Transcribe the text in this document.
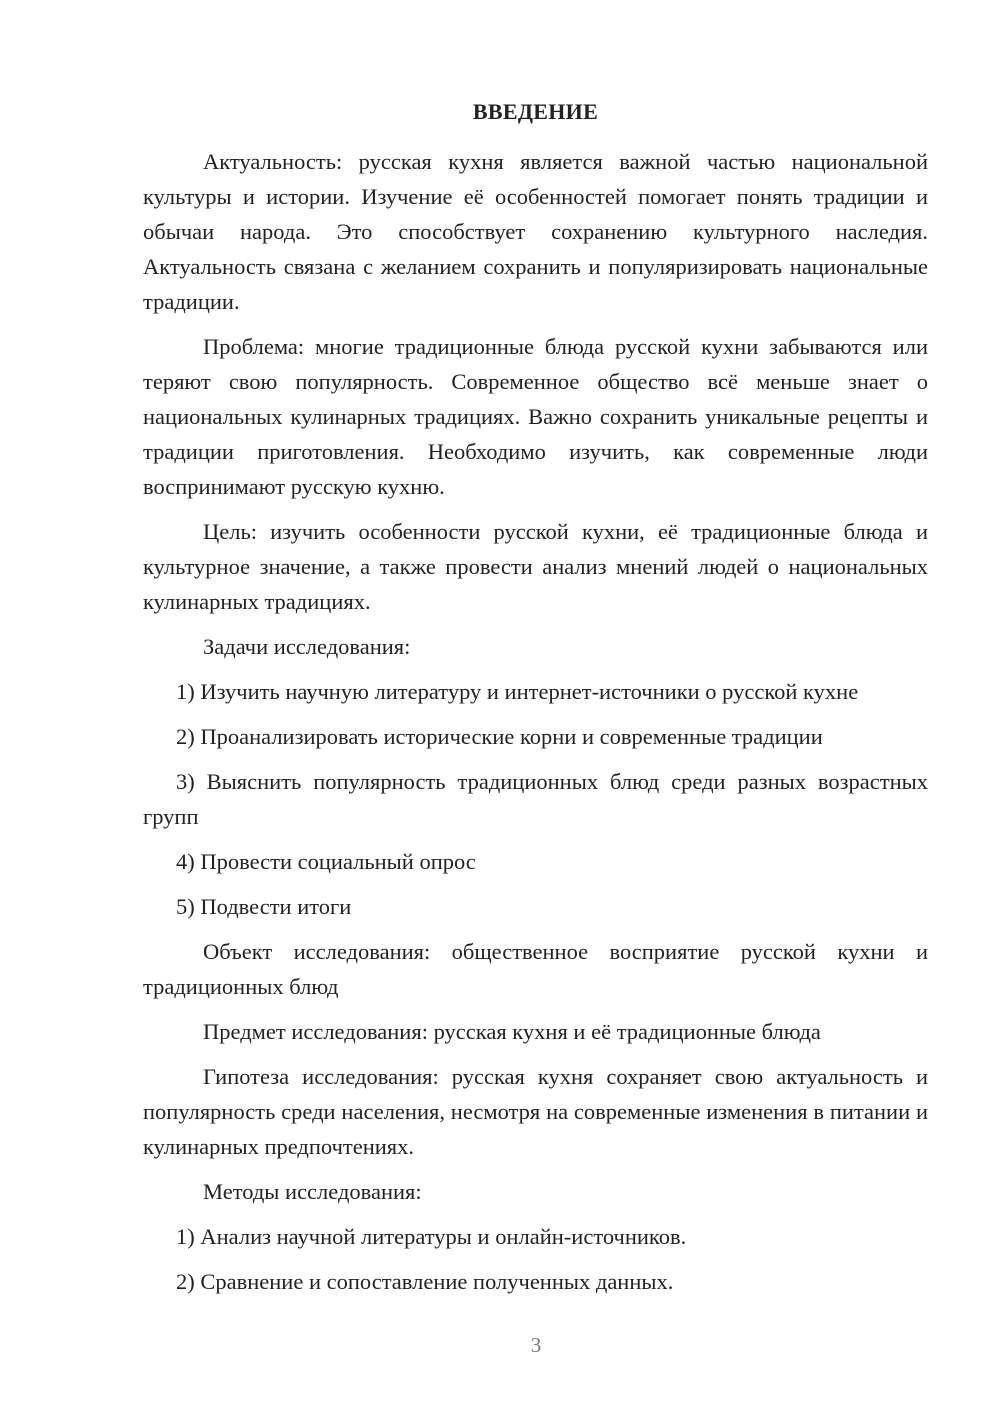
ВВЕДЕНИЕ
Актуальность: русская кухня является важной частью национальной культуры и истории. Изучение её особенностей помогает понять традиции и обычаи народа. Это способствует сохранению культурного наследия. Актуальность связана с желанием сохранить и популяризировать национальные традиции.
Проблема: многие традиционные блюда русской кухни забываются или теряют свою популярность. Современное общество всё меньше знает о национальных кулинарных традициях. Важно сохранить уникальные рецепты и традиции приготовления. Необходимо изучить, как современные люди воспринимают русскую кухню.
Цель: изучить особенности русской кухни, её традиционные блюда и культурное значение, а также провести анализ мнений людей о национальных кулинарных традициях.
Задачи исследования:
1) Изучить научную литературу и интернет-источники о русской кухне
2) Проанализировать исторические корни и современные традиции
3) Выяснить популярность традиционных блюд среди разных возрастных групп
4) Провести социальный опрос
5) Подвести итоги
Объект исследования: общественное восприятие русской кухни и традиционных блюд
Предмет исследования: русская кухня и её традиционные блюда
Гипотеза исследования: русская кухня сохраняет свою актуальность и популярность среди населения, несмотря на современные изменения в питании и кулинарных предпочтениях.
Методы исследования:
1) Анализ научной литературы и онлайн-источников.
2) Сравнение и сопоставление полученных данных.
3
